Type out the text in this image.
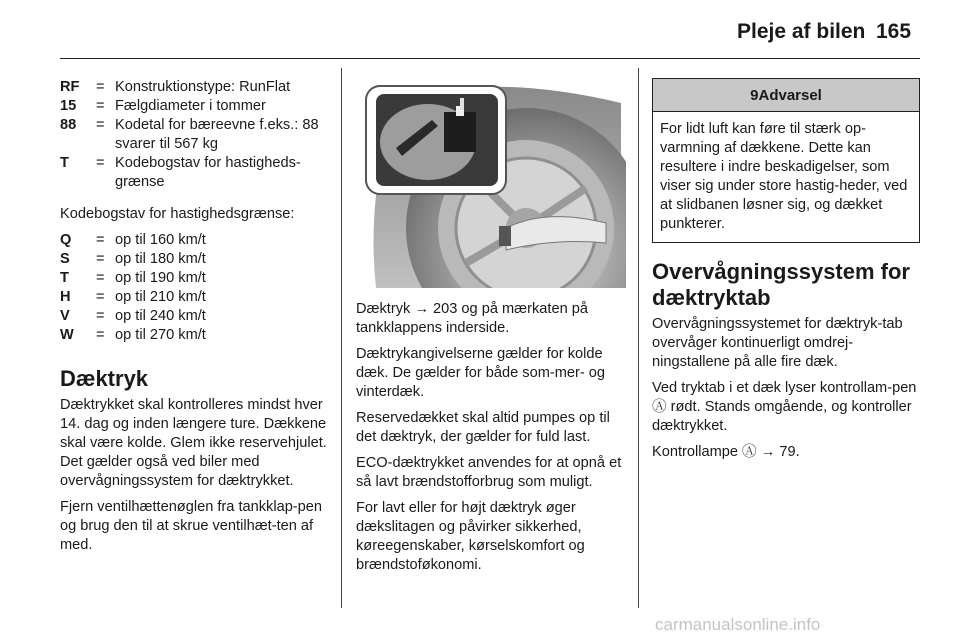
Pleje af bilen 165
RF	= Konstruktionstype: RunFlat
15	= Fælgdiameter i tommer
88	= Kodetal for bæreevne f.eks.: 88 svarer til 567 kg
T	= Kodebogstav for hastigheds-grænse

Kodebogstav for hastighedsgrænse:

Q	= op til 160 km/t
S	= op til 180 km/t
T	= op til 190 km/t
H	= op til 210 km/t
V	= op til 240 km/t
W	= op til 270 km/t
Dæktryk

Dæktrykket skal kontrolleres mindst hver 14. dag og inden længere ture. Dækkene skal være kolde. Glem ikke reservehjulet. Det gælder også ved biler med overvågningssystem for dæktrykket.

Fjern ventilhættenøglen fra tankklap-pen og brug den til at skrue ventilhæt-ten af med.

Dæktryk → 203 og på mærkaten på tankklappens inderside.

Dæktrykangivelserne gælder for kolde dæk. De gælder for både som-mer- og vinterdæk.

Reservedækket skal altid pumpes op til det dæktryk, der gælder for fuld last.

ECO-dæktrykket anvendes for at opnå et så lavt brændstofforbrug som muligt.

For lavt eller for højt dæktryk øger dækslitagen og påvirker sikkerhed, køreegenskaber, kørselskomfort og brændstoføkonomi.

9Advarsel
For lidt luft kan føre til stærk op-varmning af dækkene. Dette kan resultere i indre beskadigelser, som viser sig under store hastig-heder, ved at slidbanen løsner sig, og dækket punkterer.
Overvågningssystem for dæktryktab

Overvågningssystemet for dæktryk-tab overvåger kontinuerligt omdrej-ningstallene på alle fire dæk.

Ved tryktab i et dæk lyser kontrollam-pen Ⓐ rødt. Stands omgående, og kontroller dæktrykket.

Kontrollampe Ⓐ → 79.

carmanualsonline.info
